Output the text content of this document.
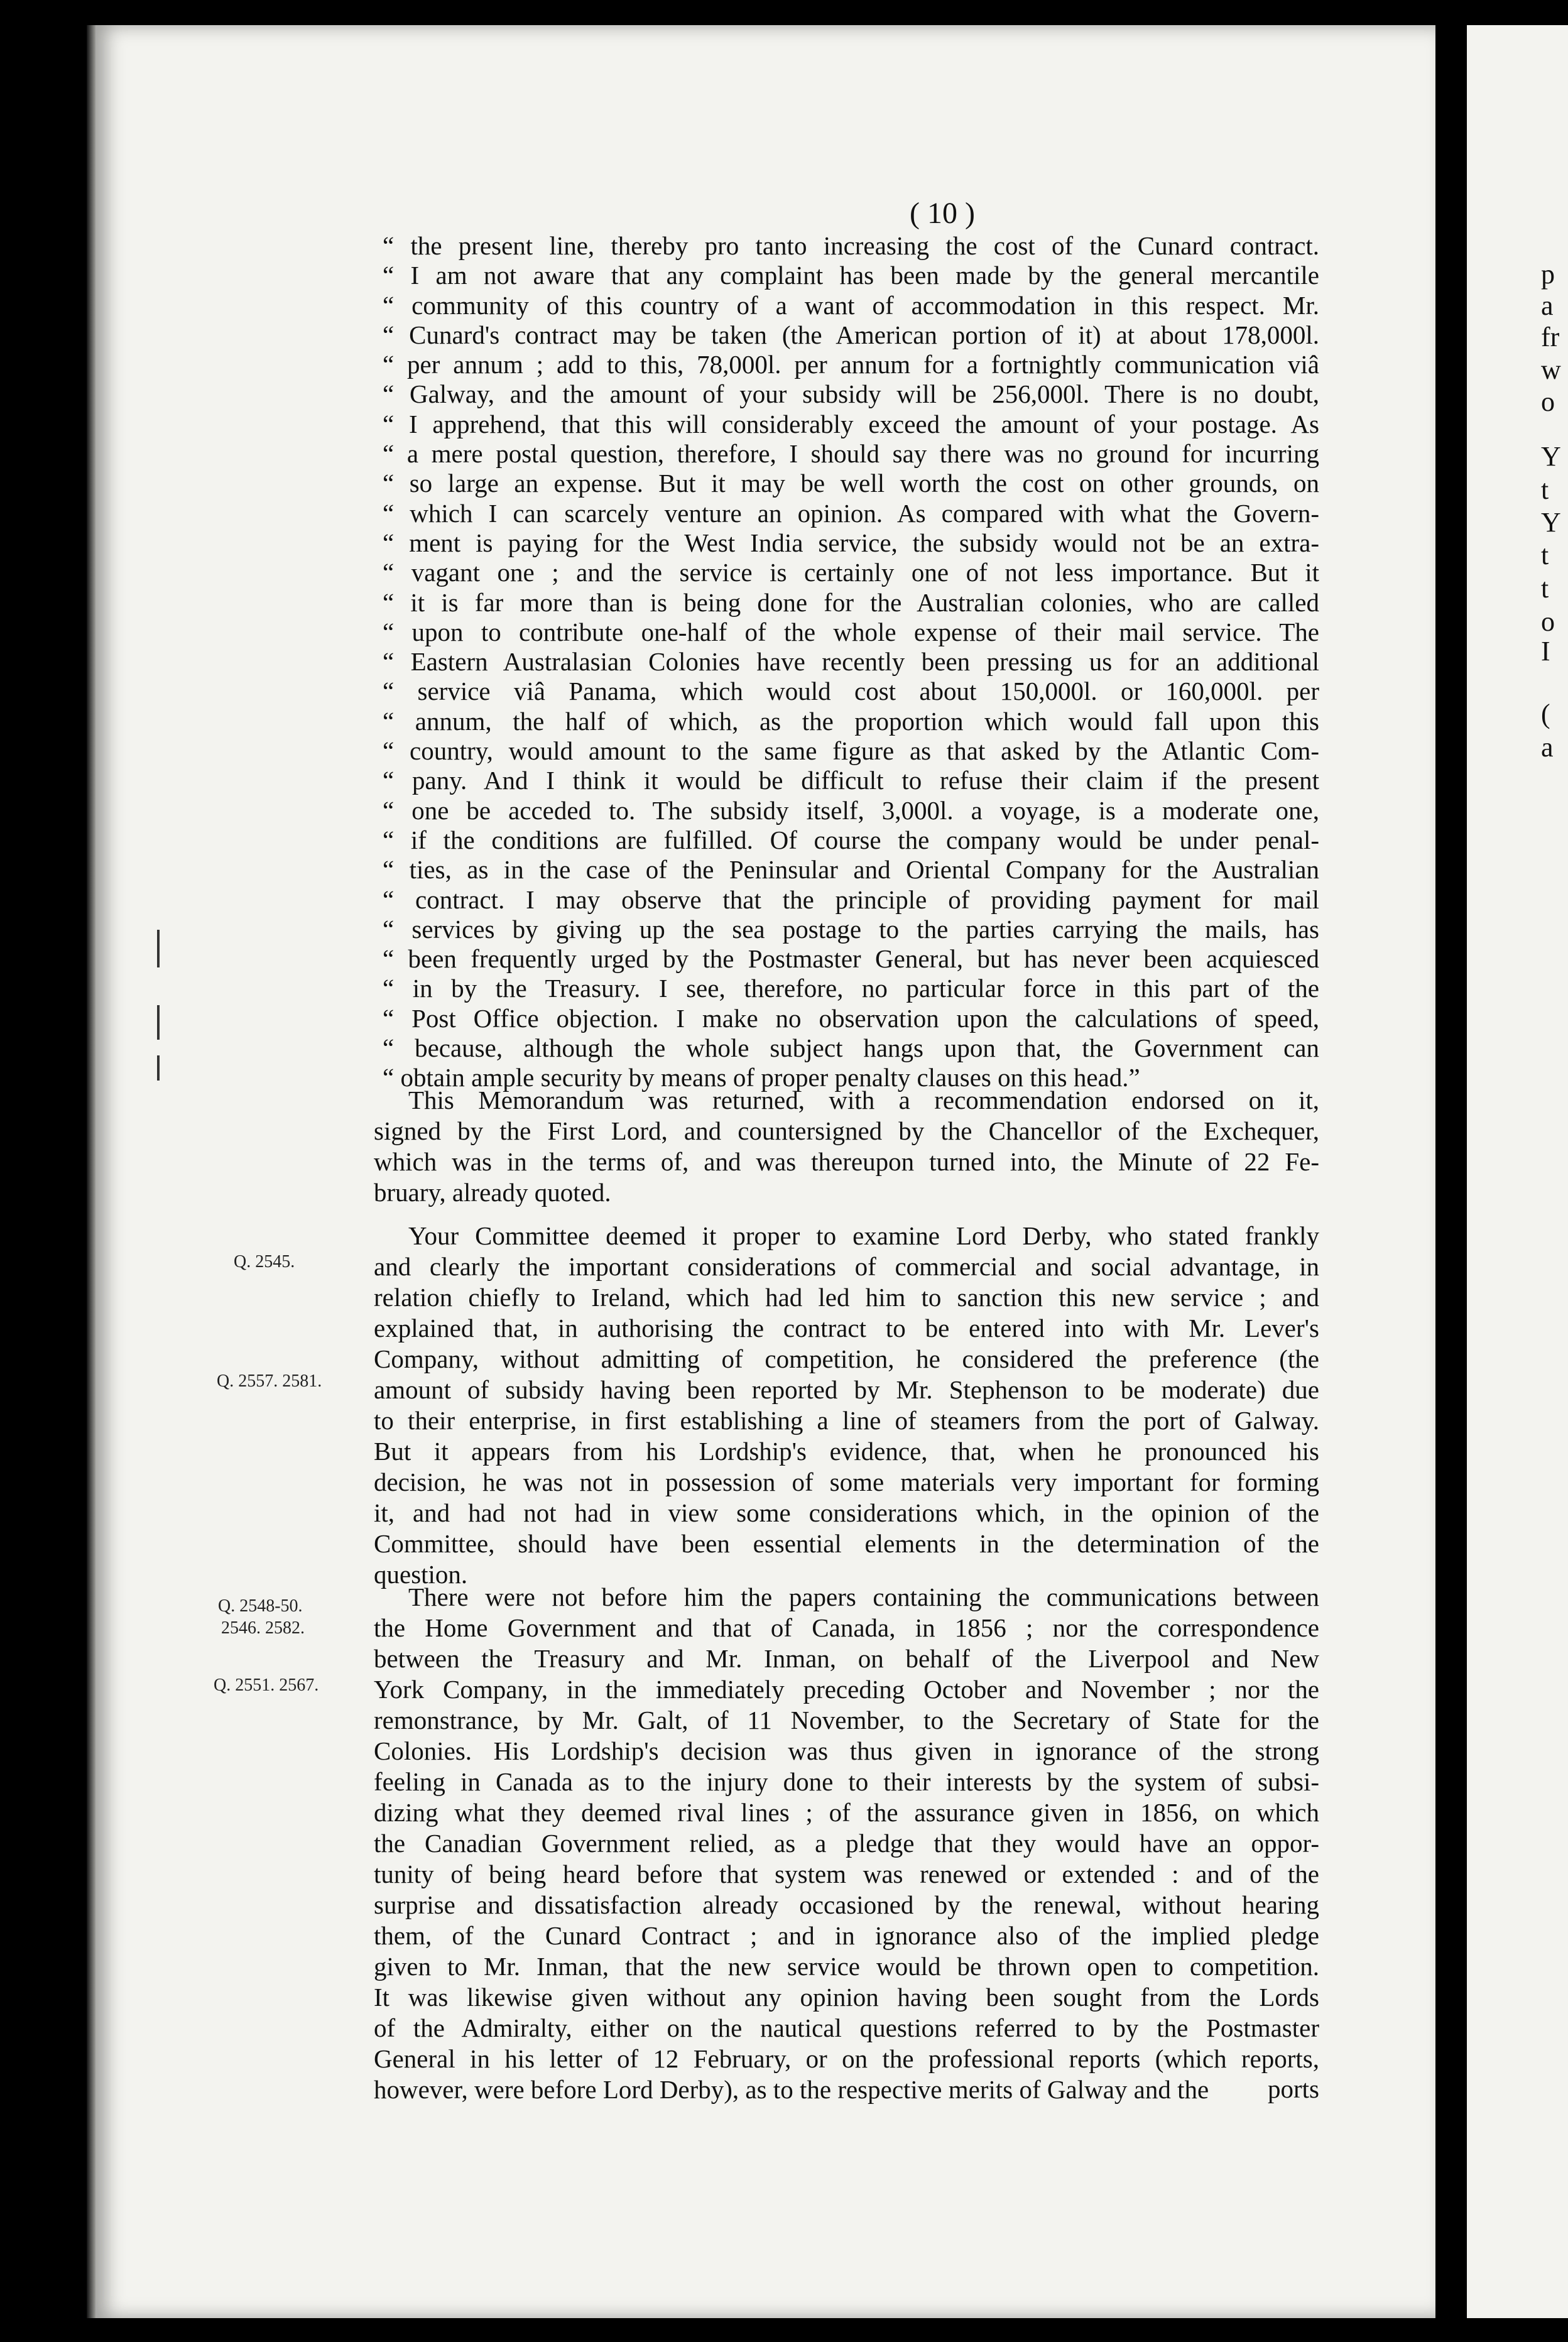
( 10 )
p
a
fr
w
o
Y
t
Y
t
t
o
I
(
a
“ the present line, thereby pro tanto increasing the cost of the Cunard contract.
“ I am not aware that any complaint has been made by the general mercantile
“ community of this country of a want of accommodation in this respect. Mr.
“ Cunard's contract may be taken (the American portion of it) at about 178,000l.
“ per annum ; add to this, 78,000l. per annum for a fortnightly communication viâ
“ Galway, and the amount of your subsidy will be 256,000l. There is no doubt,
“ I apprehend, that this will considerably exceed the amount of your postage. As
“ a mere postal question, therefore, I should say there was no ground for incurring
“ so large an expense. But it may be well worth the cost on other grounds, on
“ which I can scarcely venture an opinion. As compared with what the Govern-
“ ment is paying for the West India service, the subsidy would not be an extra-
“ vagant one ; and the service is certainly one of not less importance. But it
“ it is far more than is being done for the Australian colonies, who are called
“ upon to contribute one-half of the whole expense of their mail service. The
“ Eastern Australasian Colonies have recently been pressing us for an additional
“ service viâ Panama, which would cost about 150,000l. or 160,000l. per
“ annum, the half of which, as the proportion which would fall upon this
“ country, would amount to the same figure as that asked by the Atlantic Com-
“ pany. And I think it would be difficult to refuse their claim if the present
“ one be acceded to. The subsidy itself, 3,000l. a voyage, is a moderate one,
“ if the conditions are fulfilled. Of course the company would be under penal-
“ ties, as in the case of the Peninsular and Oriental Company for the Australian
“ contract. I may observe that the principle of providing payment for mail
“ services by giving up the sea postage to the parties carrying the mails, has
“ been frequently urged by the Postmaster General, but has never been acquiesced
“ in by the Treasury. I see, therefore, no particular force in this part of the
“ Post Office objection. I make no observation upon the calculations of speed,
“ because, although the whole subject hangs upon that, the Government can
“ obtain ample security by means of proper penalty clauses on this head.”
This Memorandum was returned, with a recommendation endorsed on it,
signed by the First Lord, and countersigned by the Chancellor of the Exchequer,
which was in the terms of, and was thereupon turned into, the Minute of 22 Fe-
bruary, already quoted.
Your Committee deemed it proper to examine Lord Derby, who stated frankly
and clearly the important considerations of commercial and social advantage, in
relation chiefly to Ireland, which had led him to sanction this new service ; and
explained that, in authorising the contract to be entered into with Mr. Lever's
Company, without admitting of competition, he considered the preference (the
amount of subsidy having been reported by Mr. Stephenson to be moderate) due
to their enterprise, in first establishing a line of steamers from the port of Galway.
But it appears from his Lordship's evidence, that, when he pronounced his
decision, he was not in possession of some materials very important for forming
it, and had not had in view some considerations which, in the opinion of the
Committee, should have been essential elements in the determination of the
question.
There were not before him the papers containing the communications between
the Home Government and that of Canada, in 1856 ; nor the correspondence
between the Treasury and Mr. Inman, on behalf of the Liverpool and New
York Company, in the immediately preceding October and November ; nor the
remonstrance, by Mr. Galt, of 11 November, to the Secretary of State for the
Colonies. His Lordship's decision was thus given in ignorance of the strong
feeling in Canada as to the injury done to their interests by the system of subsi-
dizing what they deemed rival lines ; of the assurance given in 1856, on which
the Canadian Government relied, as a pledge that they would have an oppor-
tunity of being heard before that system was renewed or extended : and of the
surprise and dissatisfaction already occasioned by the renewal, without hearing
them, of the Cunard Contract ; and in ignorance also of the implied pledge
given to Mr. Inman, that the new service would be thrown open to competition.
It was likewise given without any opinion having been sought from the Lords
of the Admiralty, either on the nautical questions referred to by the Postmaster
General in his letter of 12 February, or on the professional reports (which reports,
however, were before Lord Derby), as to the respective merits of Galway and the	ports
Q. 2545.
Q. 2557. 2581.
Q. 2548-50.
2546. 2582.
Q. 2551. 2567.
